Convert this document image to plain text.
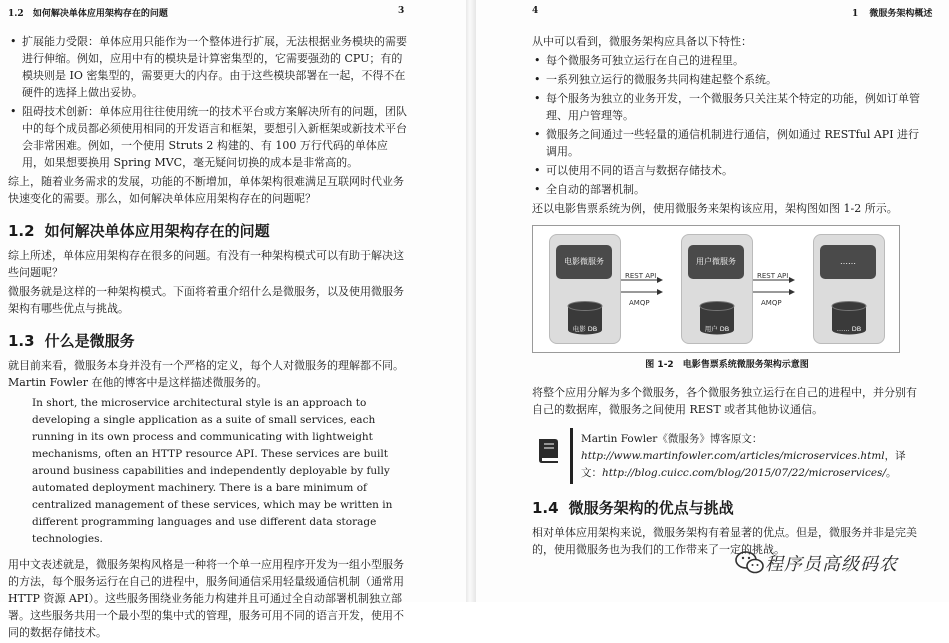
1.2 如何解决单体应用架构存在的问题	3
• 扩展能力受限：单体应用只能作为一个整体进行扩展，无法根据业务模块的需要进行伸缩。例如，应用中有的模块是计算密集型的，它需要强劲的 CPU；有的模块则是 IO 密集型的，需要更大的内存。由于这些模块部署在一起，不得不在硬件的选择上做出妥协。
• 阻碍技术创新：单体应用往往使用统一的技术平台或方案解决所有的问题，团队中的每个成员都必须使用相同的开发语言和框架，要想引入新框架或新技术平台会非常困难。例如，一个使用 Struts 2 构建的、有 100 万行代码的单体应用，如果想要换用 Spring MVC，毫无疑问切换的成本是非常高的。

综上，随着业务需求的发展，功能的不断增加，单体架构很难满足互联网时代业务快速变化的需要。那么，如何解决单体应用架构存在的问题呢？

1.2 如何解决单体应用架构存在的问题

综上所述，单体应用架构存在很多的问题。有没有一种架构模式可以有助于解决这些问题呢？

微服务就是这样的一种架构模式。下面将着重介绍什么是微服务，以及使用微服务架构有哪些优点与挑战。

1.3 什么是微服务

就目前来看，微服务本身并没有一个严格的定义，每个人对微服务的理解都不同。Martin Fowler 在他的博客中是这样描述微服务的。

In short, the microservice architectural style is an approach to developing a single application as a suite of small services, each running in its own process and communicating with lightweight mechanisms, often an HTTP resource API. These services are built around business capabilities and independently deployable by fully automated deployment machinery. There is a bare minimum of centralized management of these services, which may be written in different programming languages and use different data storage technologies.

用中文表述就是，微服务架构风格是一种将一个单一应用程序开发为一组小型服务的方法，每个服务运行在自己的进程中，服务间通信采用轻量级通信机制（通常用 HTTP 资源 API）。这些服务围绕业务能力构建并且可通过全自动部署机制独立部署。这些服务共用一个最小型的集中式的管理，服务可用不同的语言开发，使用不同的数据存储技术。

4	1 微服务架构概述

从中可以看到，微服务架构应具备以下特性：

• 每个微服务可独立运行在自己的进程里。
• 一系列独立运行的微服务共同构建起整个系统。
• 每个服务为独立的业务开发，一个微服务只关注某个特定的功能，例如订单管理、用户管理等。
• 微服务之间通过一些轻量的通信机制进行通信，例如通过 RESTful API 进行调用。
• 可以使用不同的语言与数据存储技术。
• 全自动的部署机制。

还以电影售票系统为例，使用微服务来架构该应用，架构图如图 1-2 所示。

电影微服务
电影 DB
用户微服务
用户 DB
……
…… DB
REST API
AMQP
REST API
AMQP
图 1-2　电影售票系统微服务架构示意图

将整个应用分解为多个微服务，各个微服务独立运行在自己的进程中，并分别有自己的数据库，微服务之间使用 REST 或者其他协议通信。

Martin Fowler《微服务》博客原文：http://www.martinfowler.com/articles/microservices.html，译文：http://blog.cuicc.com/blog/2015/07/22/microservices/。
1.4 微服务架构的优点与挑战

相对单体应用架构来说，微服务架构有着显著的优点。但是，微服务并非是完美的，使用微服务也为我们的工作带来了一定的挑战。

程序员高级码农
